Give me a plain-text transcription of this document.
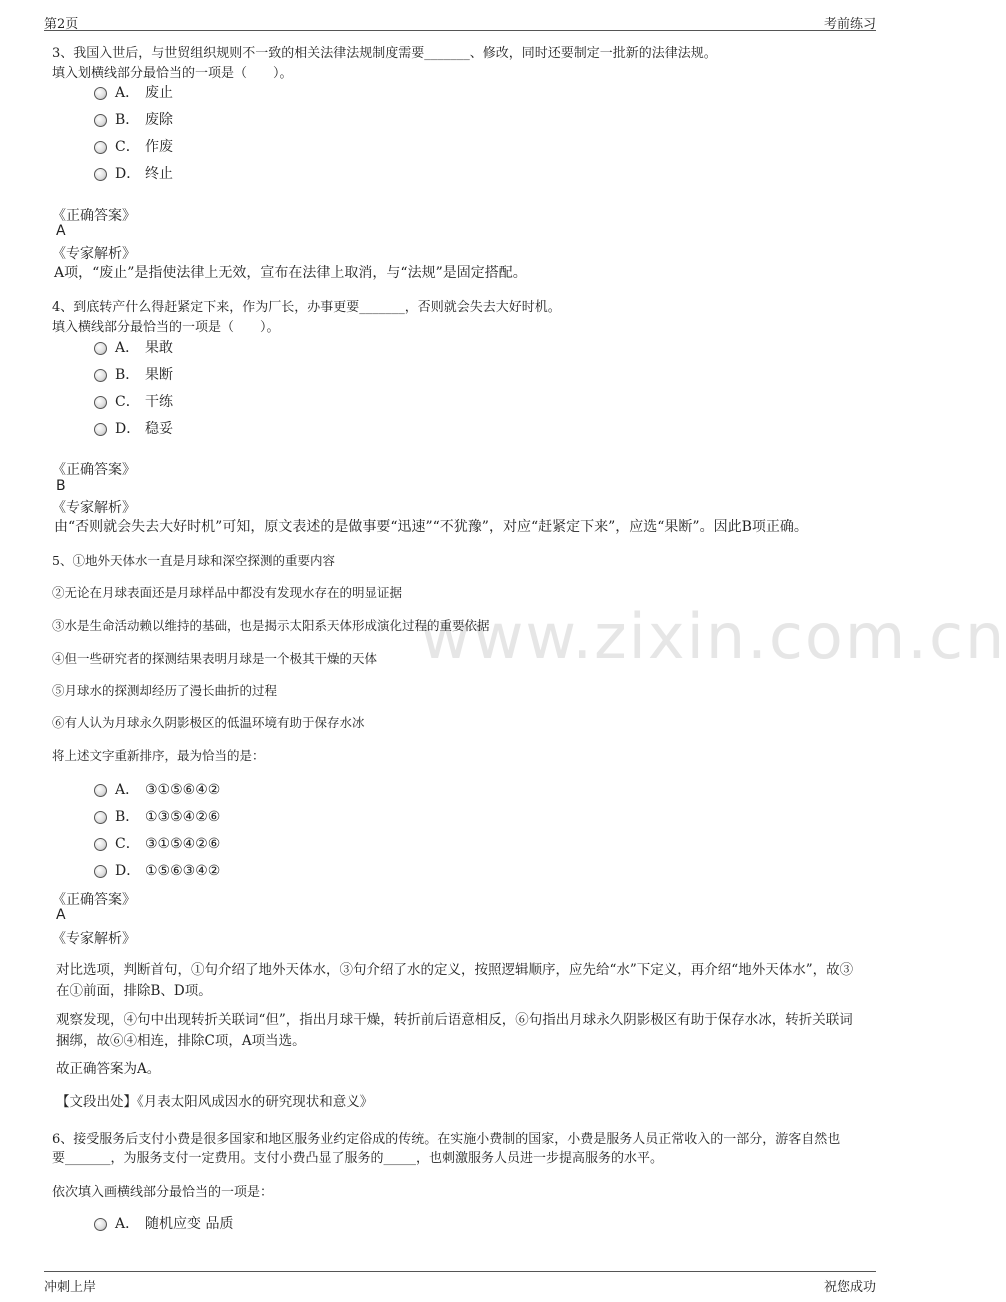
第2页	考前练习
www.zixin.com.cn
3、我国入世后，与世贸组织规则不一致的相关法律法规制度需要_______、修改，同时还要制定一批新的法律法规。
填入划横线部分最恰当的一项是（　　）。
A． 废止
B． 废除
C． 作废
D． 终止
《正确答案》
A
《专家解析》
A项，“废止”是指使法律上无效，宣布在法律上取消，与“法规”是固定搭配。
4、到底转产什么得赶紧定下来，作为厂长，办事更要_______，否则就会失去大好时机。
填入横线部分最恰当的一项是（　　）。
A． 果敢
B． 果断
C． 干练
D． 稳妥
《正确答案》
B
《专家解析》
由“否则就会失去大好时机”可知，原文表述的是做事要“迅速”“不犹豫”，对应“赶紧定下来”，应选“果断”。因此B项正确。
5、①地外天体水一直是月球和深空探测的重要内容
②无论在月球表面还是月球样品中都没有发现水存在的明显证据
③水是生命活动赖以维持的基础，也是揭示太阳系天体形成演化过程的重要依据
④但一些研究者的探测结果表明月球是一个极其干燥的天体
⑤月球水的探测却经历了漫长曲折的过程
⑥有人认为月球永久阴影极区的低温环境有助于保存水冰
将上述文字重新排序，最为恰当的是：
A． ③①⑤⑥④②
B． ①③⑤④②⑥
C． ③①⑤④②⑥
D． ①⑤⑥③④②
《正确答案》
A
《专家解析》
对比选项，判断首句，①句介绍了地外天体水，③句介绍了水的定义，按照逻辑顺序，应先给“水”下定义，再介绍“地外天体水”，故③在①前面，排除B、D项。
观察发现，④句中出现转折关联词“但”，指出月球干燥，转折前后语意相反，⑥句指出月球永久阴影极区有助于保存水冰，转折关联词捆绑，故⑥④相连，排除C项，A项当选。
故正确答案为A。
【文段出处】《月表太阳风成因水的研究现状和意义》
6、接受服务后支付小费是很多国家和地区服务业约定俗成的传统。在实施小费制的国家，小费是服务人员正常收入的一部分，游客自然也
要_______，为服务支付一定费用。支付小费凸显了服务的_____，也刺激服务人员进一步提高服务的水平。
依次填入画横线部分最恰当的一项是：
A． 随机应变 品质
冲刺上岸	祝您成功
